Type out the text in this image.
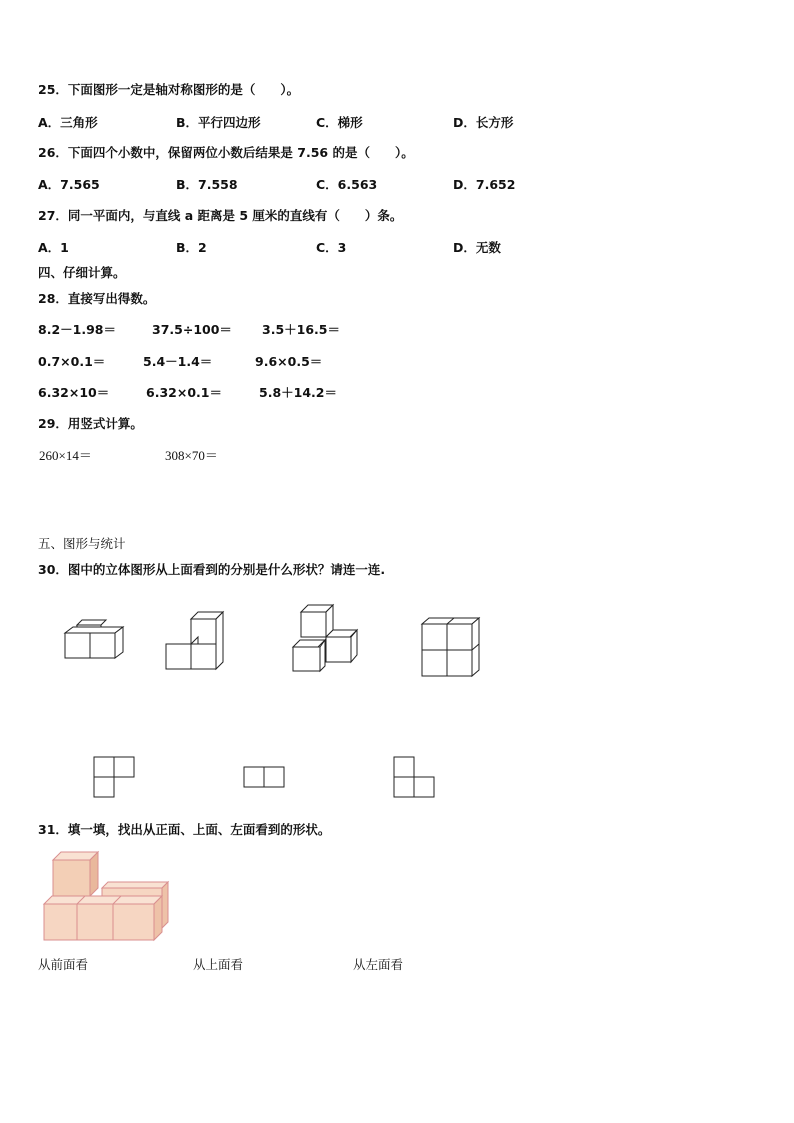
25．下面图形一定是轴对称图形的是（　　）。
A．三角形	B．平行四边形	C．梯形	D．长方形
26．下面四个小数中，保留两位小数后结果是 7.56 的是（　　）。
A．7.565	B．7.558	C．6.563	D．7.652
27．同一平面内，与直线 a 距离是 5 厘米的直线有（　　）条。
A．1	B．2	C．3	D．无数
四、仔细计算。
28．直接写出得数。
8.2－1.98＝	37.5÷100＝ 3.5＋16.5＝
0.7×0.1＝	5.4－1.4＝	9.6×0.5＝
6.32×10＝	6.32×0.1＝	5.8＋14.2＝
29．用竖式计算。
260×14＝	308×70＝
五、图形与统计
30．图中的立体图形从上面看到的分别是什么形状？请连一连.
31．填一填，找出从正面、上面、左面看到的形状。
从前面看	从上面看	从左面看
